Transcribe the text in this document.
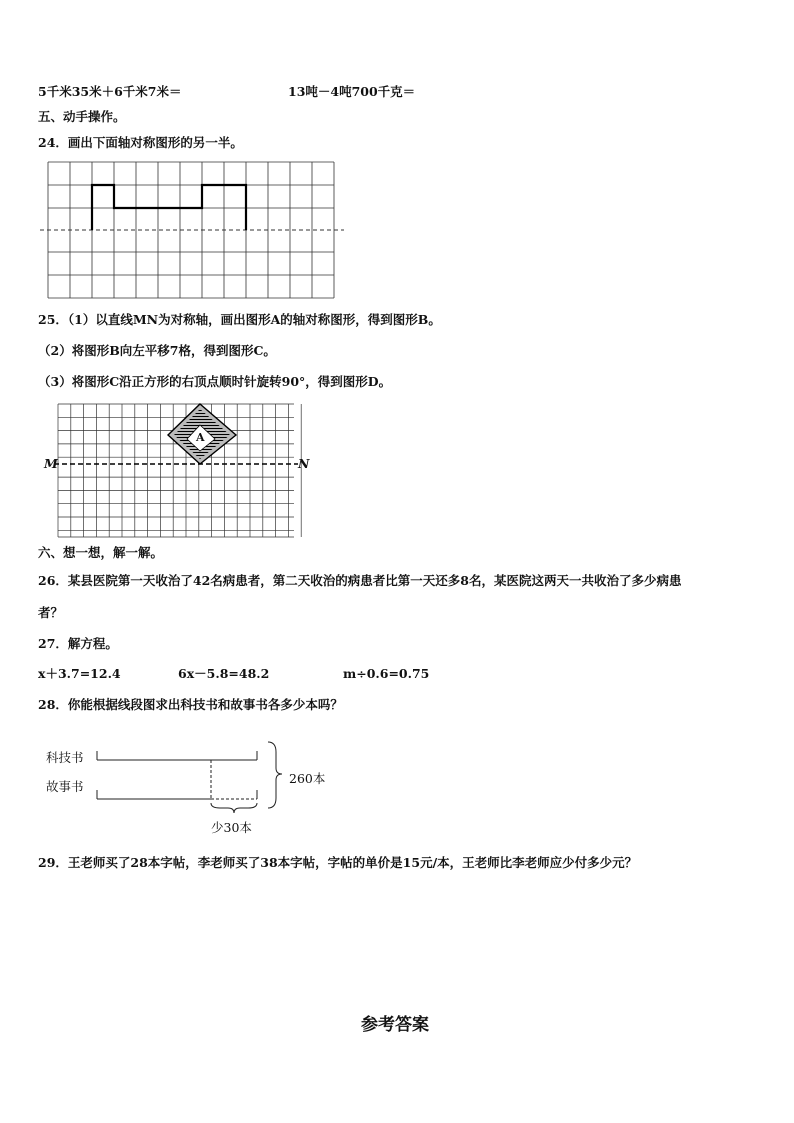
5千米35米＋6千米7米＝	13吨－4吨700千克＝
五、动手操作。
24．画出下面轴对称图形的另一半。
25．（1）以直线MN为对称轴，画出图形A的轴对称图形，得到图形B。
（2）将图形B向左平移7格，得到图形C。
（3）将图形C沿正方形的右顶点顺时针旋转90°，得到图形D。
M	N
A
六、想一想，解一解。
26．某县医院第一天收治了42名病患者，第二天收治的病患者比第一天还多8名，某医院这两天一共收治了多少病患
者？
27．解方程。
x＋3.7=12.4	6x－5.8=48.2	m÷0.6=0.75
28．你能根据线段图求出科技书和故事书各多少本吗？
科技书
故事书
260本
少30本
29．王老师买了28本字帖，李老师买了38本字帖，字帖的单价是15元/本，王老师比李老师应少付多少元？
参考答案
